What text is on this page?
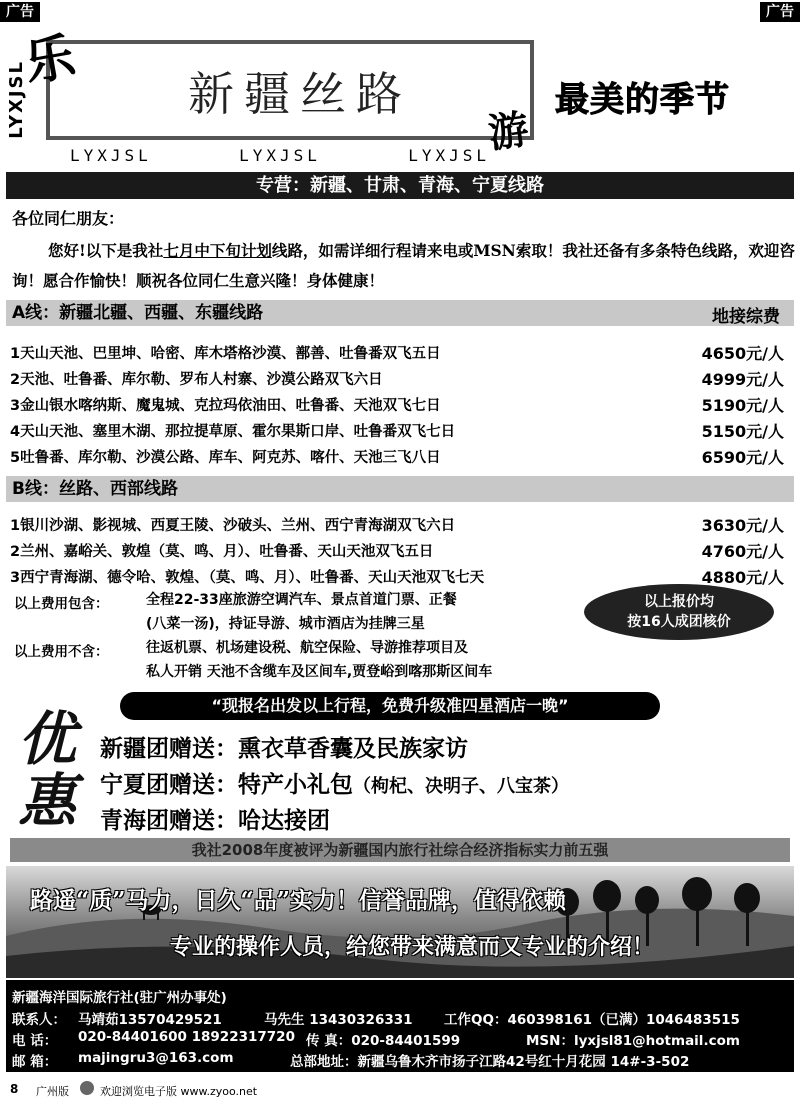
广告	广告
乐
LYXJSL	新疆丝路
游
最美的季节
LYXJSL	LYXJSL	LYXJSL
专营：新疆、甘肃、青海、宁夏线路
各位同仁朋友：
您好!以下是我社七月中下旬计划线路，如需详细行程请来电或MSN索取！我社还备有多条特色线路，欢迎咨询！愿合作愉快！顺祝各位同仁生意兴隆！身体健康！
A线：新疆北疆、西疆、东疆线路	地接综费
1天山天池、巴里坤、哈密、库木塔格沙漠、鄯善、吐鲁番双飞五日	4650元/人
2天池、吐鲁番、库尔勒、罗布人村寨、沙漠公路双飞六日	4999元/人
3金山银水喀纳斯、魔鬼城、克拉玛依油田、吐鲁番、天池双飞七日	5190元/人
4天山天池、塞里木湖、那拉提草原、霍尔果斯口岸、吐鲁番双飞七日	5150元/人
5吐鲁番、库尔勒、沙漠公路、库车、阿克苏、喀什、天池三飞八日	6590元/人
B线：丝路、西部线路
1银川沙湖、影视城、西夏王陵、沙破头、兰州、西宁青海湖双飞六日	3630元/人
2兰州、嘉峪关、敦煌（莫、鸣、月）、吐鲁番、天山天池双飞五日	4760元/人
3西宁青海湖、德令哈、敦煌、（莫、鸣、月）、吐鲁番、天山天池双飞七天	4880元/人
以上费用包含：	全程22-33座旅游空调汽车、景点首道门票、正餐
(八菜一汤)，持证导游、城市酒店为挂牌三星
以上费用不含：	往返机票、机场建设税、航空保险、导游推荐项目及
私人开销 天池不含缆车及区间车,贾登峪到喀那斯区间车
以上报价均
按16人成团核价
“现报名出发以上行程，免费升级准四星酒店一晚”
优
惠
新疆团赠送：熏衣草香囊及民族家访
宁夏团赠送：特产小礼包（枸杞、决明子、八宝茶）
青海团赠送：哈达接团
我社2008年度被评为新疆国内旅行社综合经济指标实力前五强
路遥“质”马力，日久“品”实力！信誉品牌，值得依赖
专业的操作人员，给您带来满意而又专业的介绍！
新疆海洋国际旅行社(驻广州办事处)
联系人： 马靖茹13570429521	马先生 13430326331 工作QQ：460398161（已满）1046483515
电 话： 020-84401600 18922317720 传 真：020-84401599	MSN：lyxjsl81@hotmail.com
邮 箱： majingru3@163.com	总部地址：新疆乌鲁木齐市扬子江路42号红十月花园 14#-3-502
8 广州版	欢迎浏览电子版 www.zyoo.net
